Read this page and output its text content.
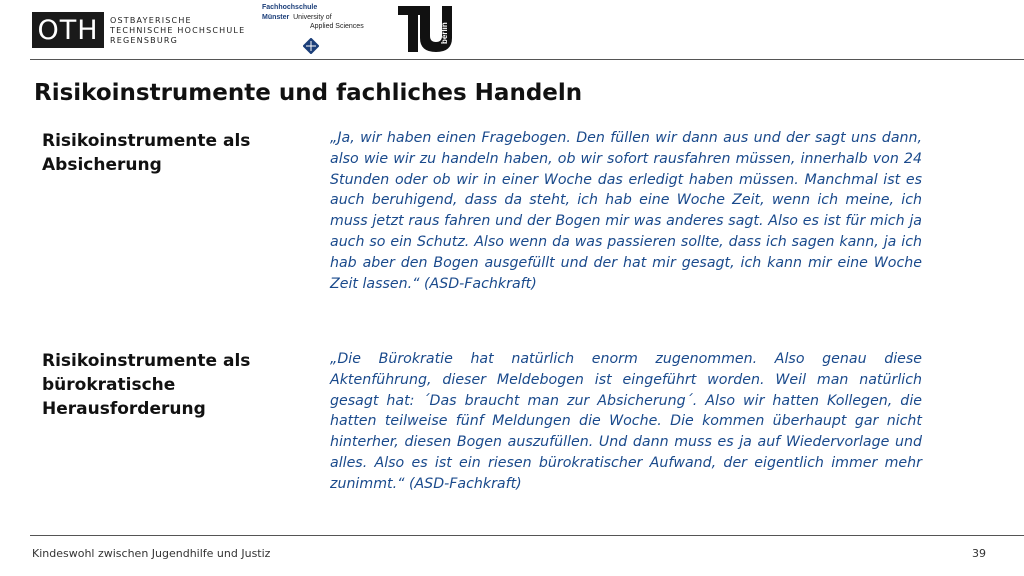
OTH	OSTBAYERISCHE
TECHNISCHE HOCHSCHULE
REGENSBURG
Fachhochschule
Münster University of
Applied Sciences	berlin
Risikoinstrumente und fachliches Handeln
Risikoinstrumente als Absicherung
„Ja, wir haben einen Fragebogen. Den füllen wir dann aus und der sagt uns dann, also wie wir zu handeln haben, ob wir sofort rausfahren müssen, innerhalb von 24 Stunden oder ob wir in einer Woche das erledigt haben müssen. Manchmal ist es auch beruhigend, dass da steht, ich hab eine Woche Zeit, wenn ich meine, ich muss jetzt raus fahren und der Bogen mir was anderes sagt. Also es ist für mich ja auch so ein Schutz. Also wenn da was passieren sollte, dass ich sagen kann, ja ich hab aber den Bogen ausgefüllt und der hat mir gesagt, ich kann mir eine Woche Zeit lassen.“ (ASD-Fachkraft)
Risikoinstrumente als bürokratische Herausforderung
„Die Bürokratie hat natürlich enorm zugenommen. Also genau diese Aktenführung, dieser Meldebogen ist eingeführt worden. Weil man natürlich gesagt hat: ´Das braucht man zur Absicherung´. Also wir hatten Kollegen, die hatten teilweise fünf Meldungen die Woche. Die kommen überhaupt gar nicht hinterher, diesen Bogen auszufüllen. Und dann muss es ja auf Wiedervorlage und alles. Also es ist ein riesen bürokratischer Aufwand, der eigentlich immer mehr zunimmt.“ (ASD-Fachkraft)
Kindeswohl zwischen Jugendhilfe und Justiz	39
